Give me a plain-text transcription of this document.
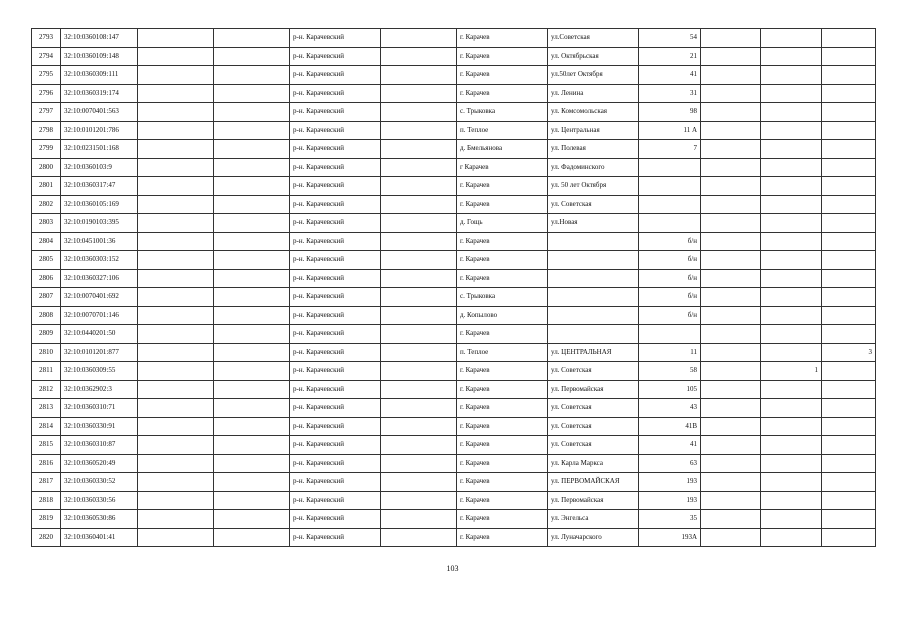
2793	32:10:0360108:147			р-н. Карачевский		г. Карачев	ул.Советская	54			
2794	32:10:0360109:148			р-н. Карачевский		г. Карачев	ул. Октябрьская	21			
2795	32:10:0360309:111			р-н. Карачевский		г. Карачев	ул.50лет Октября	41			
2796	32:10:0360319:174			р-н. Карачевский		г. Карачев	ул. Ленина	31			
2797	32:10:0070401:563			р-н. Карачевский		с. Трыковка	ул. Комсомольская	98			
2798	32:10:0101201:786			р-н. Карачевский		п. Теплое	ул. Центральная	11 А			
2799	32:10:0231501:168			р-н. Карачевский		д. Бмельянова	ул. Полевая	7			
2800	32:10:0360103:9			р-н. Карачевский		г Карачев	ул. Фадоминского				
2801	32:10:0360317:47			р-н. Карачевский		г. Карачев	ул. 50 лет Октября				
2802	32:10:0360105:169			р-н. Карачевский		г. Карачев	ул. Советская				
2803	32:10:0190103:395			р-н. Карачевский		д. Гощь	ул.Новая				
2804	32:10:0451001:36			р-н. Карачевский		г. Карачев		б/н			
2805	32:10:0360303:152			р-н. Карачевский		г. Карачев		б/н			
2806	32:10:0360327:106			р-н. Карачевский		г. Карачев		б/н			
2807	32:10:0070401:692			р-н. Карачевский		с. Трыковка		б/н			
2808	32:10:0070701:146			р-н. Карачевский		д. Копылово		б/н			
2809	32:10:0440201:50			р-н. Карачевский		г. Карачев					
2810	32:10:0101201:877			р-н. Карачевский		п. Теплое	ул. ЦЕНТРАЛЬНАЯ	11			3
2811	32:10:0360309:55			р-н. Карачевский		г. Карачев	ул. Советская	58		1	
2812	32:10:0362902:3			р-н. Карачевский		г. Карачев	ул. Первомайская	105			
2813	32:10:0360310:71			р-н. Карачевский		г. Карачев	ул. Советская	43			
2814	32:10:0360330:91			р-н. Карачевский		г. Карачев	ул. Советская	41В			
2815	32:10:0360310:87			р-н. Карачевский		г. Карачев	ул. Советская	41			
2816	32:10:0360520:49			р-н. Карачевский		г. Карачев	ул. Карла Маркса	63			
2817	32:10:0360330:52			р-н. Карачевский		г. Карачев	ул. ПЕРВОМАЙСКАЯ	193			
2818	32:10:0360330:56			р-н. Карачевский		г. Карачев	ул. Первомайская	193			
2819	32:10:0360530:86			р-н. Карачевский		г. Карачев	ул. Энгельса	35			
2820	32:10:0360401:41			р-н. Карачевский		г. Карачев	ул. Луначарского	193А			
103
